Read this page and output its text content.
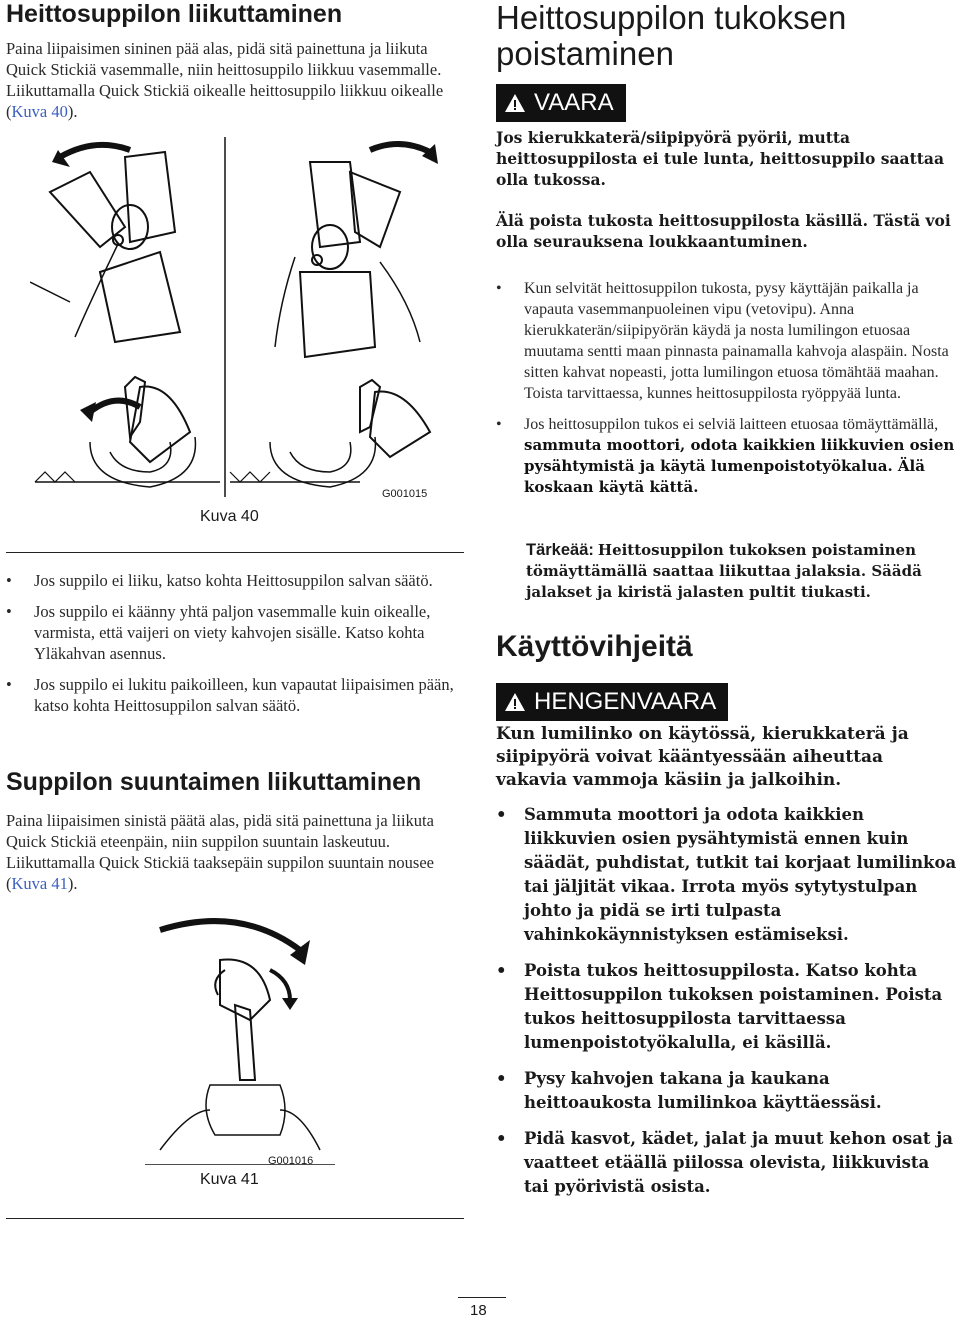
Heittosuppilon liikuttaminen

Paina liipaisimen sininen pää alas, pidä sitä painettuna ja liikuta Quick Stickiä vasemmalle, niin heittosuppilo liikkuu vasemmalle. Liikuttamalla Quick Stickiä oikealle heittosuppilo liikkuu oikealle (Kuva 40).

G001015
Kuva 40
• Jos suppilo ei liiku, katso kohta Heittosuppilon salvan säätö.
• Jos suppilo ei käänny yhtä paljon vasemmalle kuin oikealle, varmista, että vaijeri on viety kahvojen sisälle. Katso kohta Yläkahvan asennus.
• Jos suppilo ei lukitu paikoilleen, kun vapautat liipaisimen pään, katso kohta Heittosuppilon salvan säätö.
Suppilon suuntaimen liikuttaminen

Paina liipaisimen sinistä päätä alas, pidä sitä painettuna ja liikuta Quick Stickiä eteenpäin, niin suppilon suuntain laskeutuu. Liikuttamalla Quick Stickiä taaksepäin suppilon suuntain nousee (Kuva 41).

G001016
Kuva 41
Heittosuppilon tukoksen poistaminen
VAARA

Jos kierukkaterä/siipipyörä pyörii, mutta heittosuppilosta ei tule lunta, heittosuppilo saattaa olla tukossa.

Älä poista tukosta heittosuppilosta käsillä. Tästä voi olla seurauksena loukkaantuminen.

• Kun selvität heittosuppilon tukosta, pysy käyttäjän paikalla ja vapauta vasemmanpuoleinen vipu (vetovipu). Anna kierukkaterän/siipipyörän käydä ja nosta lumilingon etuosaa muutama sentti maan pinnasta painamalla kahvoja alaspäin. Nosta sitten kahvat nopeasti, jotta lumilingon etuosa tömähtää maahan. Toista tarvittaessa, kunnes heittosuppilosta ryöppyää lunta.
• Jos heittosuppilon tukos ei selviä laitteen etuosaa tömäyttämällä, sammuta moottori, odota kaikkien liikkuvien osien pysähtymistä ja käytä lumenpoistotyökalua. Älä koskaan käytä kättä.

Tärkeää: Heittosuppilon tukoksen poistaminen tömäyttämällä saattaa liikuttaa jalaksia. Säädä jalakset ja kiristä jalasten pultit tiukasti.

Käyttövihjeitä
HENGENVAARA

Kun lumilinko on käytössä, kierukkaterä ja siipipyörä voivat kääntyessään aiheuttaa vakavia vammoja käsiin ja jalkoihin.

• Sammuta moottori ja odota kaikkien liikkuvien osien pysähtymistä ennen kuin säädät, puhdistat, tutkit tai korjaat lumilinkoa tai jäljität vikaa. Irrota myös sytytystulpan johto ja pidä se irti tulpasta vahinkokäynnistyksen estämiseksi.
• Poista tukos heittosuppilosta. Katso kohta Heittosuppilon tukoksen poistaminen. Poista tukos heittosuppilosta tarvittaessa lumenpoistotyökalulla, ei käsillä.
• Pysy kahvojen takana ja kaukana heittoaukosta lumilinkoa käyttäessäsi.
• Pidä kasvot, kädet, jalat ja muut kehon osat ja vaatteet etäällä piilossa olevista, liikkuvista tai pyörivistä osista.
18
